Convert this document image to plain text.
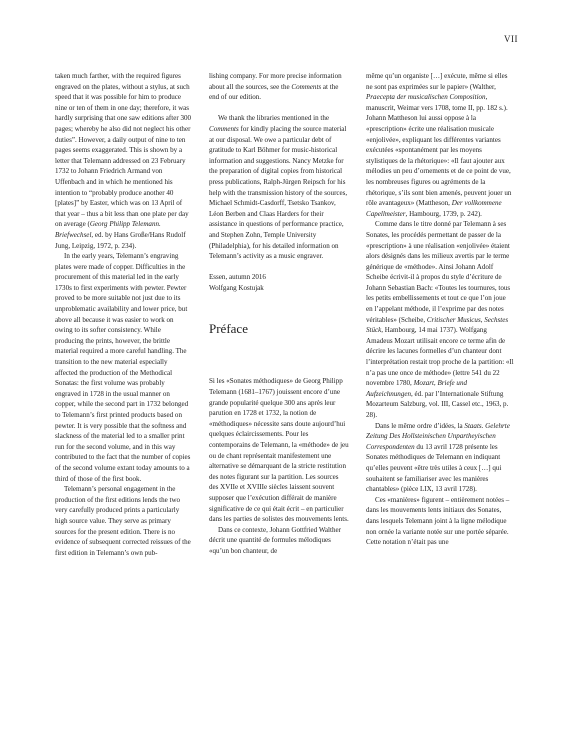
VII

taken much farther, with the required figures engraved on the plates, without a stylus, at such speed that it was possible for him to produce nine or ten of them in one day; therefore, it was hardly surprising that one saw editions after 300 pages; whereby he also did not neglect his other duties”. However, a daily output of nine to ten pages seems exaggerated. This is shown by a letter that Telemann addressed on 23 February 1732 to Johann Friedrich Armand von Uffenbach and in which he mentioned his intention to “probably produce another 40 [plates]” by Easter, which was on 13 April of that year – thus a bit less than one plate per day on average (Georg Philipp Telemann. Briefwechsel, ed. by Hans Große/Hans Rudolf Jung, Leipzig, 1972, p. 234).

In the early years, Telemann’s engraving plates were made of copper. Difficulties in the procurement of this material led in the early 1730s to first experiments with pewter. Pewter proved to be more suitable not just due to its unproblematic availability and lower price, but above all because it was easier to work on owing to its softer consistency. While producing the prints, however, the brittle material required a more careful handling. The transition to the new material especially affected the production of the Methodical Sonatas: the first volume was probably engraved in 1728 in the usual manner on copper, while the second part in 1732 belonged to Telemann’s first printed products based on pewter. It is very possible that the softness and slackness of the material led to a smaller print run for the second volume, and in this way contributed to the fact that the number of copies of the second volume extant today amounts to a third of those of the first book.

Telemann’s personal engagement in the production of the first editions lends the two very carefully produced prints a particularly high source value. They serve as primary sources for the present edition. There is no evidence of subsequent corrected reissues of the first edition in Telemann’s own pub-

lishing company. For more precise information about all the sources, see the Comments at the end of our edition.

We thank the libraries mentioned in the Comments for kindly placing the source material at our disposal. We owe a particular debt of gratitude to Karl Böhmer for music-historical information and suggestions. Nancy Metzke for the preparation of digital copies from historical press publications, Ralph-Jürgen Reipsch for his help with the transmission history of the sources, Michael Schmidt-Casdorff, Tsetsko Tsankov, Léon Berben and Claas Harders for their assistance in questions of performance practice, and Stephen Zohn, Temple University (Philadelphia), for his detailed information on Telemann’s activity as a music engraver.

Essen, autumn 2016

Wolfgang Kostujak

Préface

Si les «Sonates méthodiques» de Georg Philipp Telemann (1681–1767) jouissent encore d’une grande popularité quelque 300 ans après leur parution en 1728 et 1732, la notion de «méthodiques» nécessite sans doute aujourd’hui quelques éclaircissements. Pour les contemporains de Telemann, la «méthode» de jeu ou de chant représentait manifestement une alternative se démarquant de la stricte restitution des notes figurant sur la partition. Les sources des XVIIe et XVIIIe siècles laissent souvent supposer que l’exécution différait de manière significative de ce qui était écrit – en particulier dans les parties de solistes des mouvements lents.

Dans ce contexte, Johann Gottfried Walther décrit une quantité de formules mélodiques «qu’un bon chanteur, de

même qu’un organiste […] exécute, même si elles ne sont pas exprimées sur le papier» (Walther, Praecepta der musicalischen Composition, manuscrit, Weimar vers 1708, tome II, pp. 182 s.). Johann Mattheson lui aussi oppose à la «prescription» écrite une réalisation musicale «enjolivée», expliquant les différentes variantes exécutées «spontanément par les moyens stylistiques de la rhétorique»: «Il faut ajouter aux mélodies un peu d’ornements et de ce point de vue, les nombreuses figures ou agréments de la rhétorique, s’ils sont bien amenés, peuvent jouer un rôle avantageux» (Mattheson, Der vollkommene Capellmeister, Hambourg, 1739, p. 242).

Comme dans le titre donné par Telemann à ses Sonates, les procédés permettant de passer de la «prescription» à une réalisation «enjolivée» étaient alors désignés dans les milieux avertis par le terme générique de «méthode». Ainsi Johann Adolf Scheibe écrivit-il à propos du style d’écriture de Johann Sebastian Bach: «Toutes les tournures, tous les petits embellissements et tout ce que l’on joue en l’appelant méthode, il l’exprime par des notes véritables» (Scheibe, Critischer Musicus, Sechstes Stück, Hambourg, 14 mai 1737). Wolfgang Amadeus Mozart utilisait encore ce terme afin de décrire les lacunes formelles d’un chanteur dont l’interprétation restait trop proche de la partition: «Il n’a pas une once de méthode» (lettre 541 du 22 novembre 1780, Mozart, Briefe und Aufzeichnungen, éd. par l’Internationale Stiftung Mozarteum Salzburg, vol. III, Cassel etc., 1963, p. 28).

Dans le même ordre d’idées, la Staats. Gelehrte Zeitung Des Hollsteinischen Unpartheyischen Correspondenten du 13 avril 1728 présente les Sonates méthodiques de Telemann en indiquant qu’elles peuvent «être très utiles à ceux […] qui souhaitent se familiariser avec les manières chantables» (pièce LIX, 13 avril 1728).

Ces «manières» figurent – entièrement notées – dans les mouvements lents initiaux des Sonates, dans lesquels Telemann joint à la ligne mélodique non ornée la variante notée sur une portée séparée. Cette notation n’était pas une
